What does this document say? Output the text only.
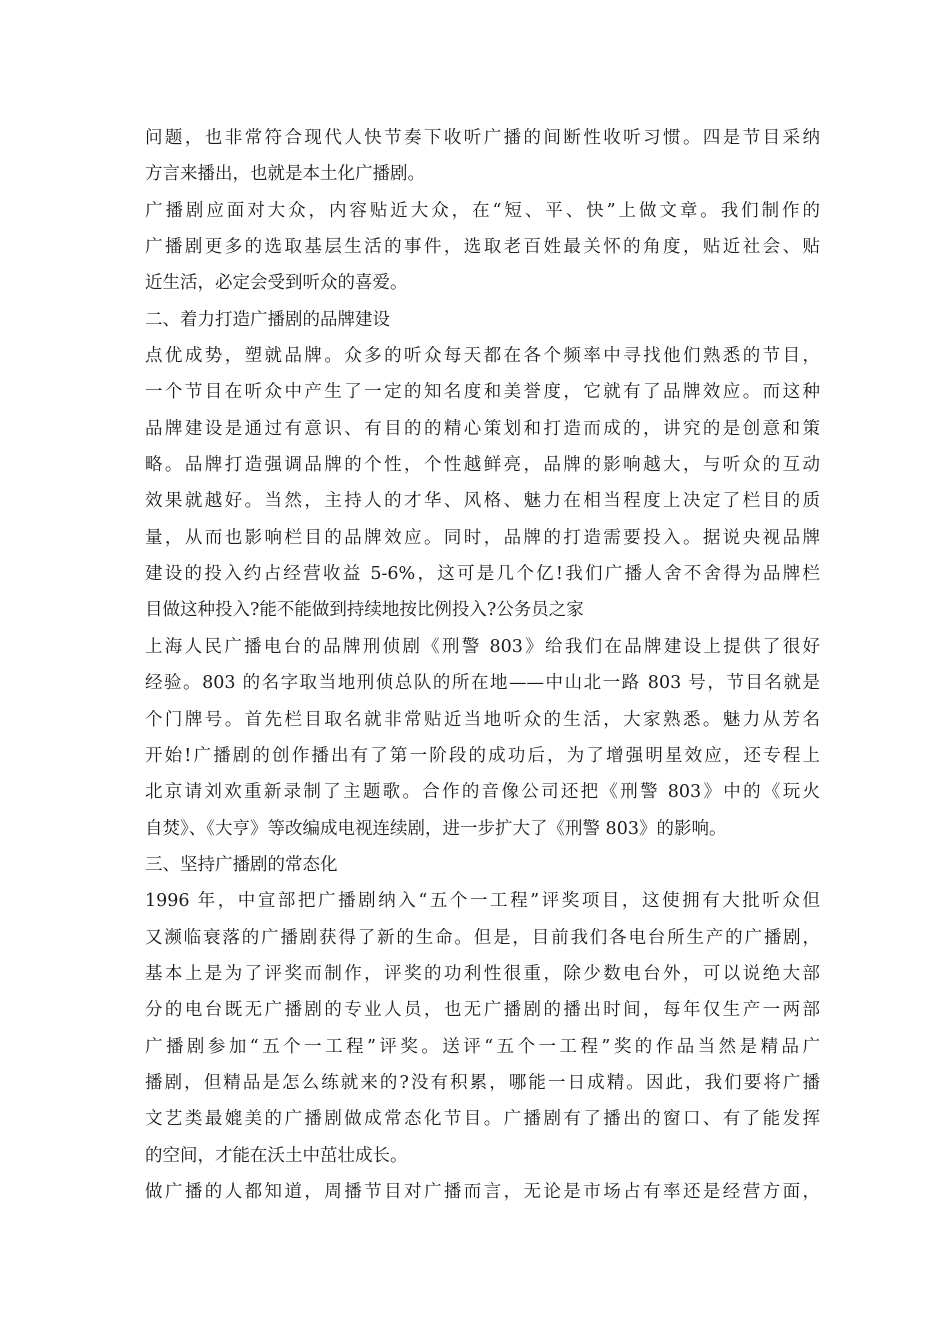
问题，也非常符合现代人快节奏下收听广播的间断性收听习惯。四是节目采纳
方言来播出，也就是本土化广播剧。
广播剧应面对大众，内容贴近大众，在“短、平、快”上做文章。我们制作的
广播剧更多的选取基层生活的事件，选取老百姓最关怀的角度，贴近社会、贴
近生活，必定会受到听众的喜爱。
二、着力打造广播剧的品牌建设
点优成势，塑就品牌。众多的听众每天都在各个频率中寻找他们熟悉的节目，
一个节目在听众中产生了一定的知名度和美誉度，它就有了品牌效应。而这种
品牌建设是通过有意识、有目的的精心策划和打造而成的，讲究的是创意和策
略。品牌打造强调品牌的个性，个性越鲜亮，品牌的影响越大，与听众的互动
效果就越好。当然，主持人的才华、风格、魅力在相当程度上决定了栏目的质
量，从而也影响栏目的品牌效应。同时，品牌的打造需要投入。据说央视品牌
建设的投入约占经营收益 5-6%，这可是几个亿!我们广播人舍不舍得为品牌栏
目做这种投入?能不能做到持续地按比例投入?公务员之家
上海人民广播电台的品牌刑侦剧《刑警 803》给我们在品牌建设上提供了很好
经验。803 的名字取当地刑侦总队的所在地——中山北一路 803 号，节目名就是
个门牌号。首先栏目取名就非常贴近当地听众的生活，大家熟悉。魅力从芳名
开始!广播剧的创作播出有了第一阶段的成功后，为了增强明星效应，还专程上
北京请刘欢重新录制了主题歌。合作的音像公司还把《刑警 803》中的《玩火
自焚》、《大亨》等改编成电视连续剧，进一步扩大了《刑警 803》的影响。
三、坚持广播剧的常态化
1996 年，中宣部把广播剧纳入“五个一工程”评奖项目，这使拥有大批听众但
又濒临衰落的广播剧获得了新的生命。但是，目前我们各电台所生产的广播剧，
基本上是为了评奖而制作，评奖的功利性很重，除少数电台外，可以说绝大部
分的电台既无广播剧的专业人员，也无广播剧的播出时间，每年仅生产一两部
广播剧参加“五个一工程”评奖。送评“五个一工程”奖的作品当然是精品广
播剧，但精品是怎么练就来的?没有积累，哪能一日成精。因此，我们要将广播
文艺类最媲美的广播剧做成常态化节目。广播剧有了播出的窗口、有了能发挥
的空间，才能在沃土中茁壮成长。
做广播的人都知道，周播节目对广播而言，无论是市场占有率还是经营方面，
